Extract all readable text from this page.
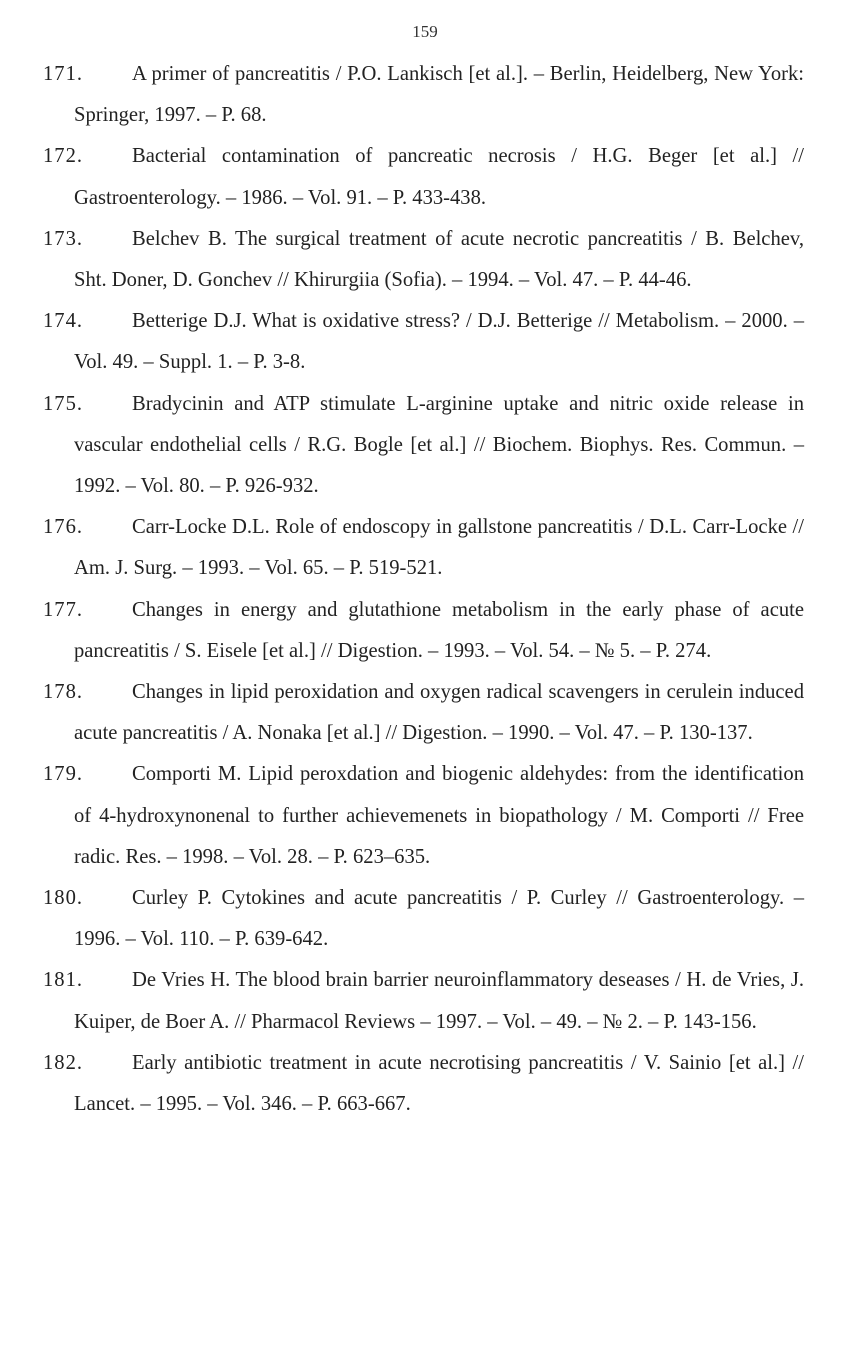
159
171. A primer of pancreatitis / P.O. Lankisch [et al.]. – Berlin, Heidelberg, New York: Springer, 1997. – P. 68.
172. Bacterial contamination of pancreatic necrosis / H.G. Beger [et al.] // Gastroenterology. – 1986. – Vol. 91. – P. 433-438.
173. Belchev B. The surgical treatment of acute necrotic pancreatitis / B. Belchev, Sht. Doner, D. Gonchev // Khirurgiia (Sofia). – 1994. – Vol. 47. – P. 44-46.
174. Betterige D.J. What is oxidative stress? / D.J. Betterige // Metabolism. – 2000. – Vol. 49. – Suppl. 1. – P. 3-8.
175. Bradycinin and ATP stimulate L-arginine uptake and nitric oxide release in vascular endothelial cells / R.G. Bogle [et al.] // Biochem. Biophys. Res. Commun. – 1992. – Vol. 80. – P. 926-932.
176. Carr-Locke D.L. Role of endoscopy in gallstone pancreatitis / D.L. Carr-Locke // Am. J. Surg. – 1993. – Vol. 65. – P. 519-521.
177. Changes in energy and glutathione metabolism in the early phase of acute pancreatitis / S. Eisele [et al.] // Digestion. – 1993. – Vol. 54. – № 5. – P. 274.
178. Changes in lipid peroxidation and oxygen radical scavengers in cerulein induced acute pancreatitis / A. Nonaka [et al.] // Digestion. – 1990. – Vol. 47. – P. 130-137.
179. Comporti M. Lipid peroxdation and biogenic aldehydes: from the identification of 4-hydroxynonenal to further achievemenets in biopathology / M. Comporti // Free radic. Res. – 1998. – Vol. 28. – P. 623–635.
180. Curley P. Cytokines and acute pancreatitis / P. Curley // Gastroenterology. – 1996. – Vol. 110. – P. 639-642.
181. De Vries H. The blood brain barrier neuroinflammatory deseases / H. de Vries, J. Kuiper, de Boer A. // Pharmacol Reviews – 1997. – Vol. – 49. – № 2. – P. 143-156.
182. Early antibiotic treatment in acute necrotising pancreatitis / V. Sainio [et al.] // Lancet. – 1995. – Vol. 346. – P. 663-667.
